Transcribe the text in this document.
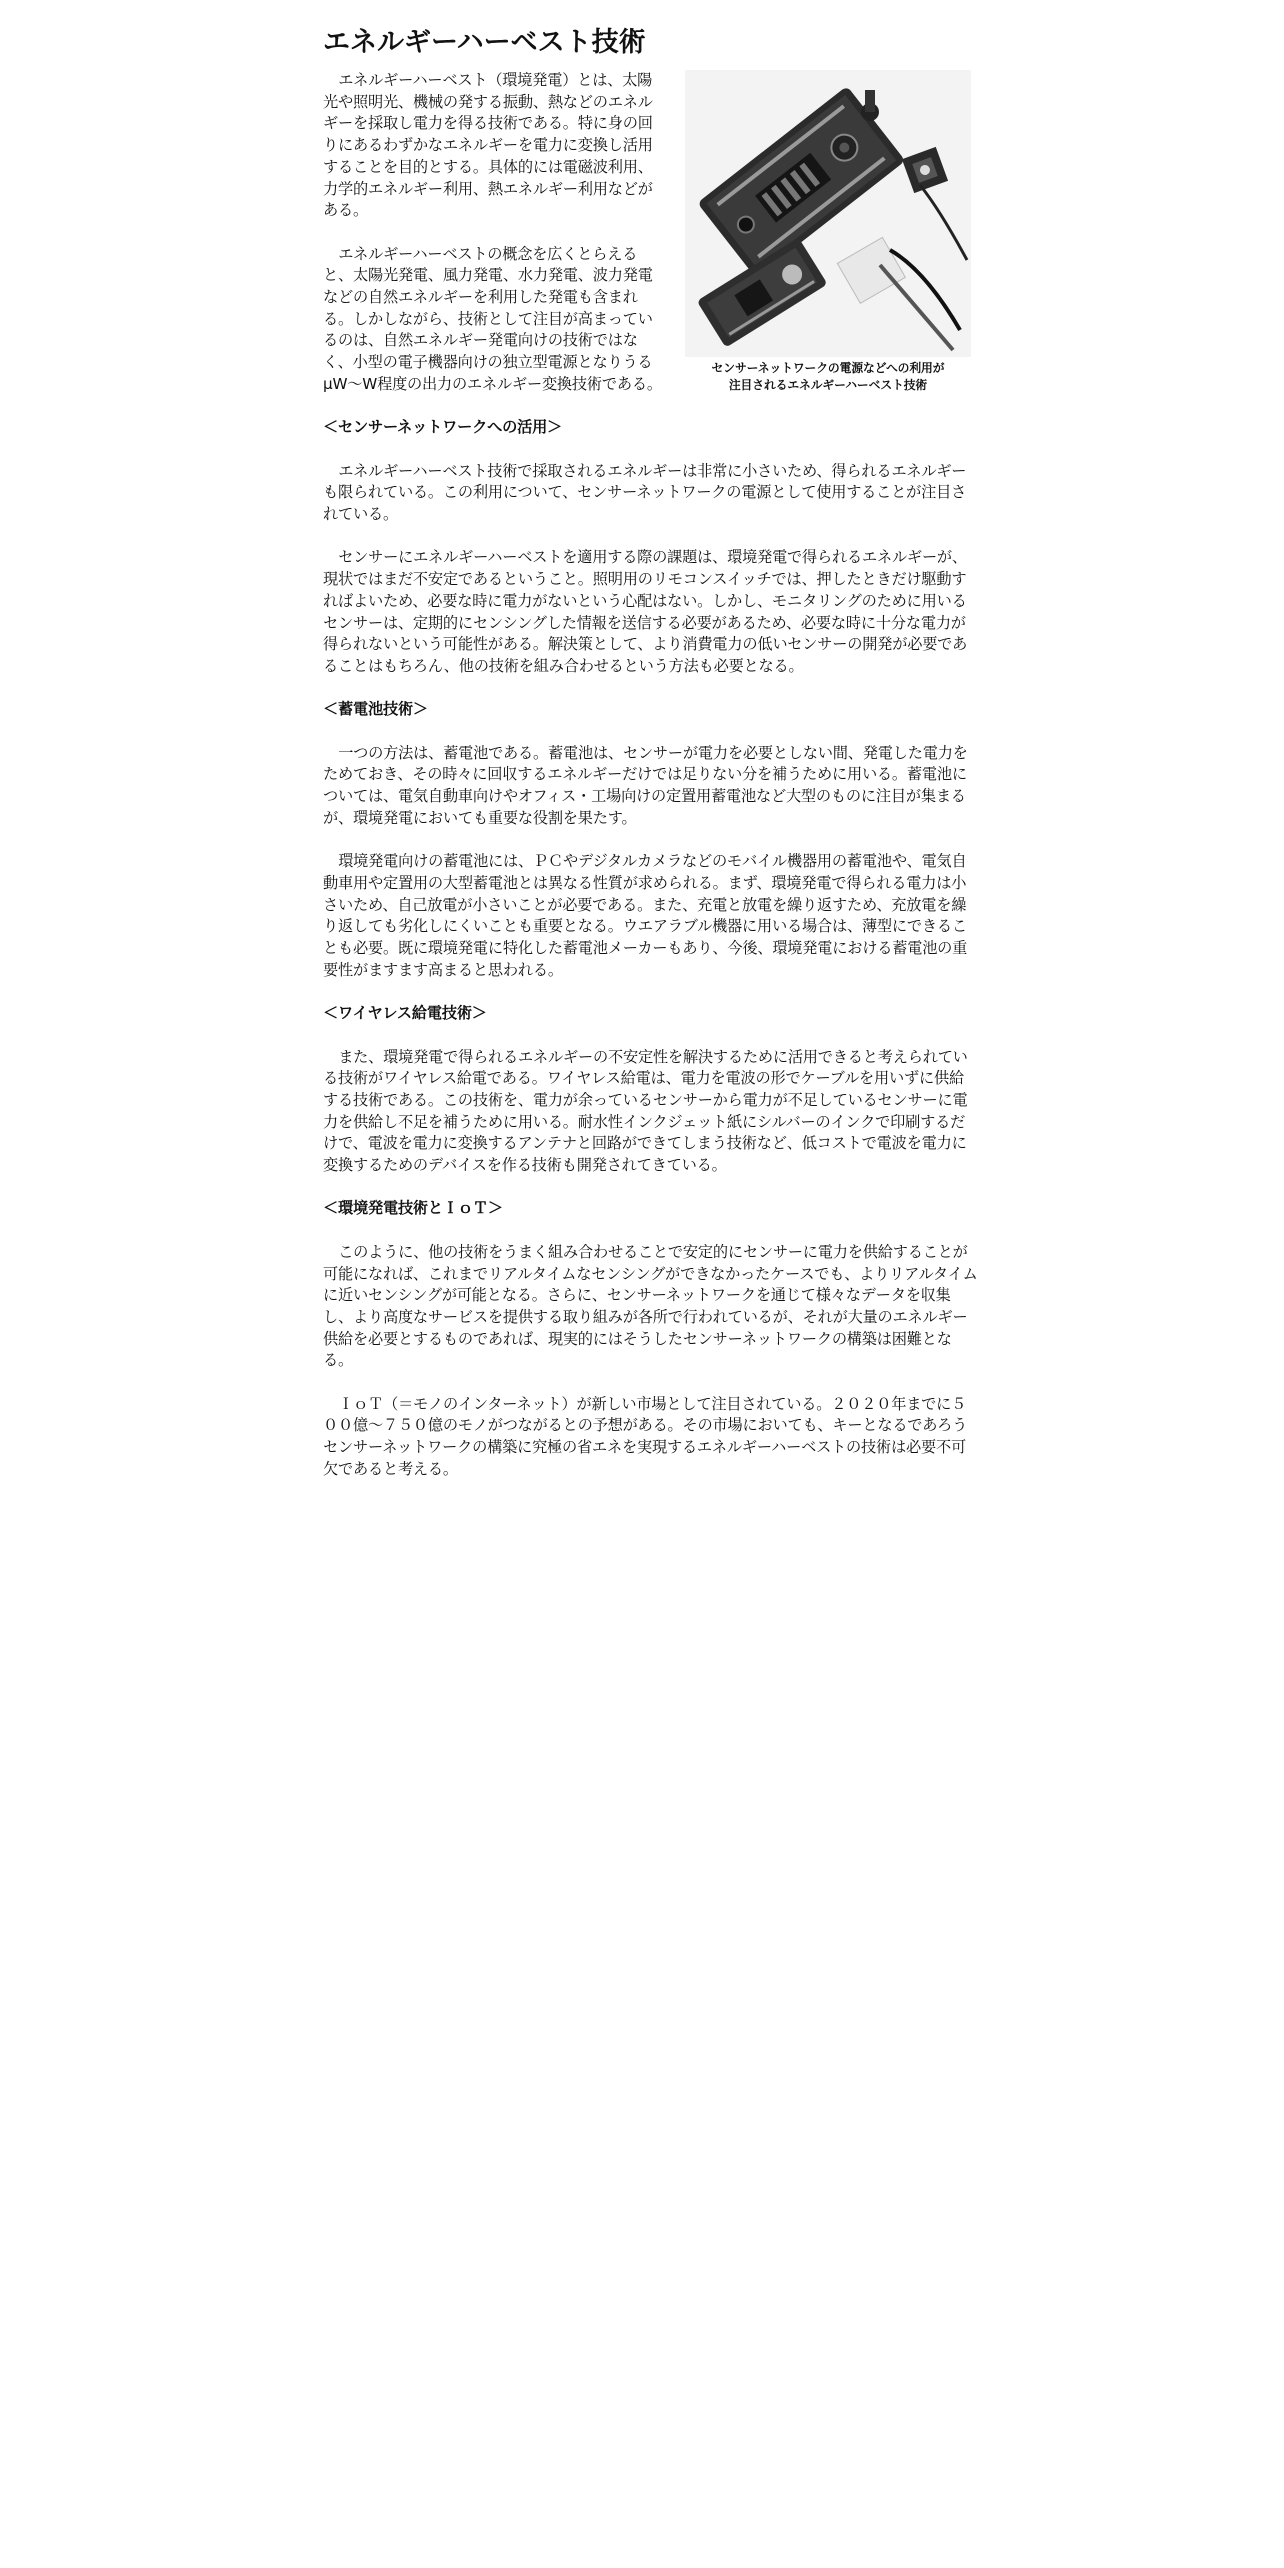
エネルギーハーベスト技術
センサーネットワークの電源などへの利用が
注目されるエネルギーハーベスト技術

エネルギーハーベスト（環境発電）とは、太陽光や照明光、機械の発する振動、熱などのエネルギーを採取し電力を得る技術である。特に身の回りにあるわずかなエネルギーを電力に変換し活用することを目的とする。具体的には電磁波利用、力学的エネルギー利用、熱エネルギー利用などがある。

エネルギーハーベストの概念を広くとらえると、太陽光発電、風力発電、水力発電、波力発電などの自然エネルギーを利用した発電も含まれる。しかしながら、技術として注目が高まっているのは、自然エネルギー発電向けの技術ではなく、小型の電子機器向けの独立型電源となりうるμW～W程度の出力のエネルギー変換技術である。

＜センサーネットワークへの活用＞

エネルギーハーベスト技術で採取されるエネルギーは非常に小さいため、得られるエネルギーも限られている。この利用について、センサーネットワークの電源として使用することが注目されている。

センサーにエネルギーハーベストを適用する際の課題は、環境発電で得られるエネルギーが、現状ではまだ不安定であるということ。照明用のリモコンスイッチでは、押したときだけ駆動すればよいため、必要な時に電力がないという心配はない。しかし、モニタリングのために用いるセンサーは、定期的にセンシングした情報を送信する必要があるため、必要な時に十分な電力が得られないという可能性がある。解決策として、より消費電力の低いセンサーの開発が必要であることはもちろん、他の技術を組み合わせるという方法も必要となる。

＜蓄電池技術＞

一つの方法は、蓄電池である。蓄電池は、センサーが電力を必要としない間、発電した電力をためておき、その時々に回収するエネルギーだけでは足りない分を補うために用いる。蓄電池については、電気自動車向けやオフィス・工場向けの定置用蓄電池など大型のものに注目が集まるが、環境発電においても重要な役割を果たす。

環境発電向けの蓄電池には、ＰＣやデジタルカメラなどのモバイル機器用の蓄電池や、電気自動車用や定置用の大型蓄電池とは異なる性質が求められる。まず、環境発電で得られる電力は小さいため、自己放電が小さいことが必要である。また、充電と放電を繰り返すため、充放電を繰り返しても劣化しにくいことも重要となる。ウエアラブル機器に用いる場合は、薄型にできることも必要。既に環境発電に特化した蓄電池メーカーもあり、今後、環境発電における蓄電池の重要性がますます高まると思われる。

＜ワイヤレス給電技術＞

また、環境発電で得られるエネルギーの不安定性を解決するために活用できると考えられている技術がワイヤレス給電である。ワイヤレス給電は、電力を電波の形でケーブルを用いずに供給する技術である。この技術を、電力が余っているセンサーから電力が不足しているセンサーに電力を供給し不足を補うために用いる。耐水性インクジェット紙にシルバーのインクで印刷するだけで、電波を電力に変換するアンテナと回路ができてしまう技術など、低コストで電波を電力に変換するためのデバイスを作る技術も開発されてきている。

＜環境発電技術とＩｏＴ＞

このように、他の技術をうまく組み合わせることで安定的にセンサーに電力を供給することが可能になれば、これまでリアルタイムなセンシングができなかったケースでも、よりリアルタイムに近いセンシングが可能となる。さらに、センサーネットワークを通じて様々なデータを収集し、より高度なサービスを提供する取り組みが各所で行われているが、それが大量のエネルギー供給を必要とするものであれば、現実的にはそうしたセンサーネットワークの構築は困難となる。

ＩｏＴ（＝モノのインターネット）が新しい市場として注目されている。２０２０年までに５００億～７５０億のモノがつながるとの予想がある。その市場においても、キーとなるであろうセンサーネットワークの構築に究極の省エネを実現するエネルギーハーベストの技術は必要不可欠であると考える。
